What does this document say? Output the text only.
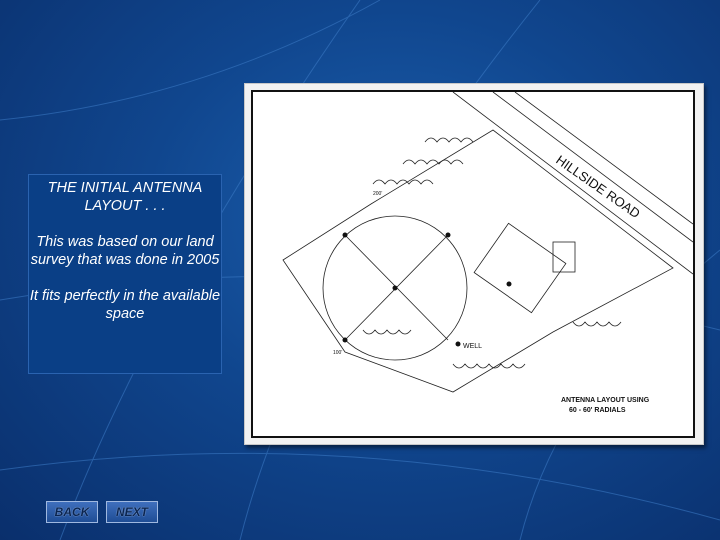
THE INITIAL ANTENNA LAYOUT . . .

This was based on our land survey that was done in 2005

It fits perfectly in the available space

BACK	NEXT
HILLSIDE ROAD
WELL
200'
100'
ANTENNA LAYOUT USING
60 - 60' RADIALS
